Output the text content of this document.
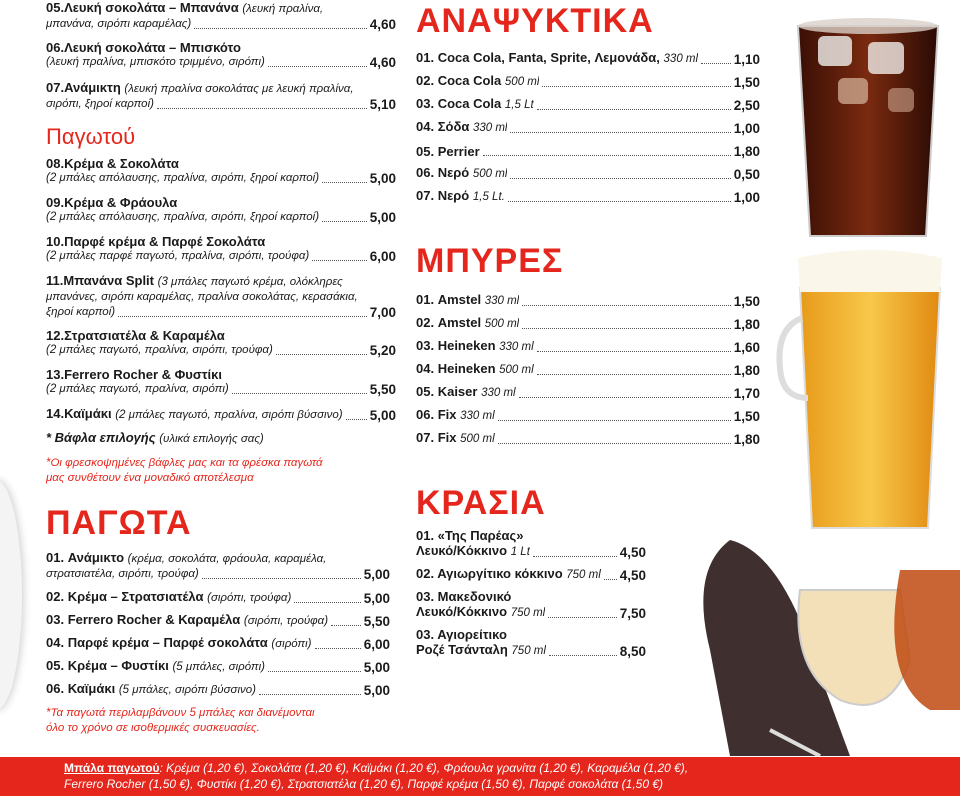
05.Λευκή σοκολάτα – Μπανάνα (λευκή πραλίνα,
μπανάνα, σιρόπι καραμέλας)	4,60
06.Λευκή σοκολάτα – Μπισκότο
(λευκή πραλίνα, μπισκότο τριμμένο, σιρόπι)	4,60
07.Ανάμικτη (λευκή πραλίνα σοκολάτας με λευκή πραλίνα,
σιρόπι, ξηροί καρποί)	5,10
Παγωτού
08.Κρέμα & Σοκολάτα
(2 μπάλες απόλαυσης, πραλίνα, σιρόπι, ξηροί καρποί)	5,00
09.Κρέμα & Φράουλα
(2 μπάλες απόλαυσης, πραλίνα, σιρόπι, ξηροί καρποί)	5,00
10.Παρφέ κρέμα & Παρφέ Σοκολάτα
(2 μπάλες παρφέ παγωτό, πραλίνα, σιρόπι, τρούφα)	6,00
11.Μπανάνα Split (3 μπάλες παγωτό κρέμα, ολόκληρες
μπανάνες, σιρόπι καραμέλας, πραλίνα σοκολάτας, κερασάκια,
ξηροί καρποί)	7,00
12.Στρατσιατέλα & Καραμέλα
(2 μπάλες παγωτό, πραλίνα, σιρόπι, τρούφα)	5,20
13.Ferrero Rocher & Φυστίκι
(2 μπάλες παγωτό, πραλίνα, σιρόπι)	5,50
14.Καϊμάκι (2 μπάλες παγωτό, πραλίνα, σιρόπι βύσσινο) 5,00
* Βάφλα επιλογής (υλικά επιλογής σας)
*Οι φρεσκοψημένες βάφλες μας και τα φρέσκα παγωτά
μας συνθέτουν ένα μοναδικό αποτέλεσμα
ΠΑΓΩΤΑ
01. Ανάμικτο (κρέμα, σοκολάτα, φράουλα, καραμέλα,
στρατσιατέλα, σιρόπι, τρούφα)	5,00
02. Κρέμα – Στρατσιατέλα (σιρόπι, τρούφα)	5,00
03. Ferrero Rocher & Καραμέλα (σιρόπι, τρούφα)	5,50
04. Παρφέ κρέμα – Παρφέ σοκολάτα (σιρόπι)	6,00
05. Κρέμα – Φυστίκι (5 μπάλες, σιρόπι)	5,00
06. Καϊμάκι (5 μπάλες, σιρόπι βύσσινο)	5,00
*Τα παγωτά περιλαμβάνουν 5 μπάλες και διανέμονται
όλο το χρόνο σε ισοθερμικές συσκευασίες.
ΑΝΑΨΥΚΤΙΚΑ
01. Coca Cola, Fanta, Sprite, Λεμονάδα, 330 ml	1,10
02. Coca Cola 500 ml	1,50
03. Coca Cola 1,5 Lt	2,50
04. Σόδα 330 ml	1,00
05. Perrier	1,80
06. Νερό 500 ml	0,50
07. Νερό 1,5 Lt.	1,00
ΜΠΥΡΕΣ
01. Amstel 330 ml	1,50
02. Amstel 500 ml	1,80
03. Heineken 330 ml	1,60
04. Heineken 500 ml	1,80
05. Kaiser 330 ml	1,70
06. Fix 330 ml	1,50
07. Fix 500 ml	1,80
ΚΡΑΣΙΑ
01. «Της Παρέας»
Λευκό/Κόκκινο 1 Lt	4,50
02. Αγιωργίτικο κόκκινο 750 ml 4,50
03. Μακεδονικό
Λευκό/Κόκκινο 750 ml	7,50
03. Αγιορείτικο
Ροζέ Τσάνταλη 750 ml	8,50
Μπάλα παγωτού: Κρέμα (1,20 €), Σοκολάτα (1,20 €), Καϊμάκι (1,20 €), Φράουλα γρανίτα (1,20 €), Καραμέλα (1,20 €),
Ferrero Rocher (1,50 €), Φυστίκι (1,20 €), Στρατσιατέλα (1,20 €), Παρφέ κρέμα (1,50 €), Παρφέ σοκολάτα (1,50 €)
